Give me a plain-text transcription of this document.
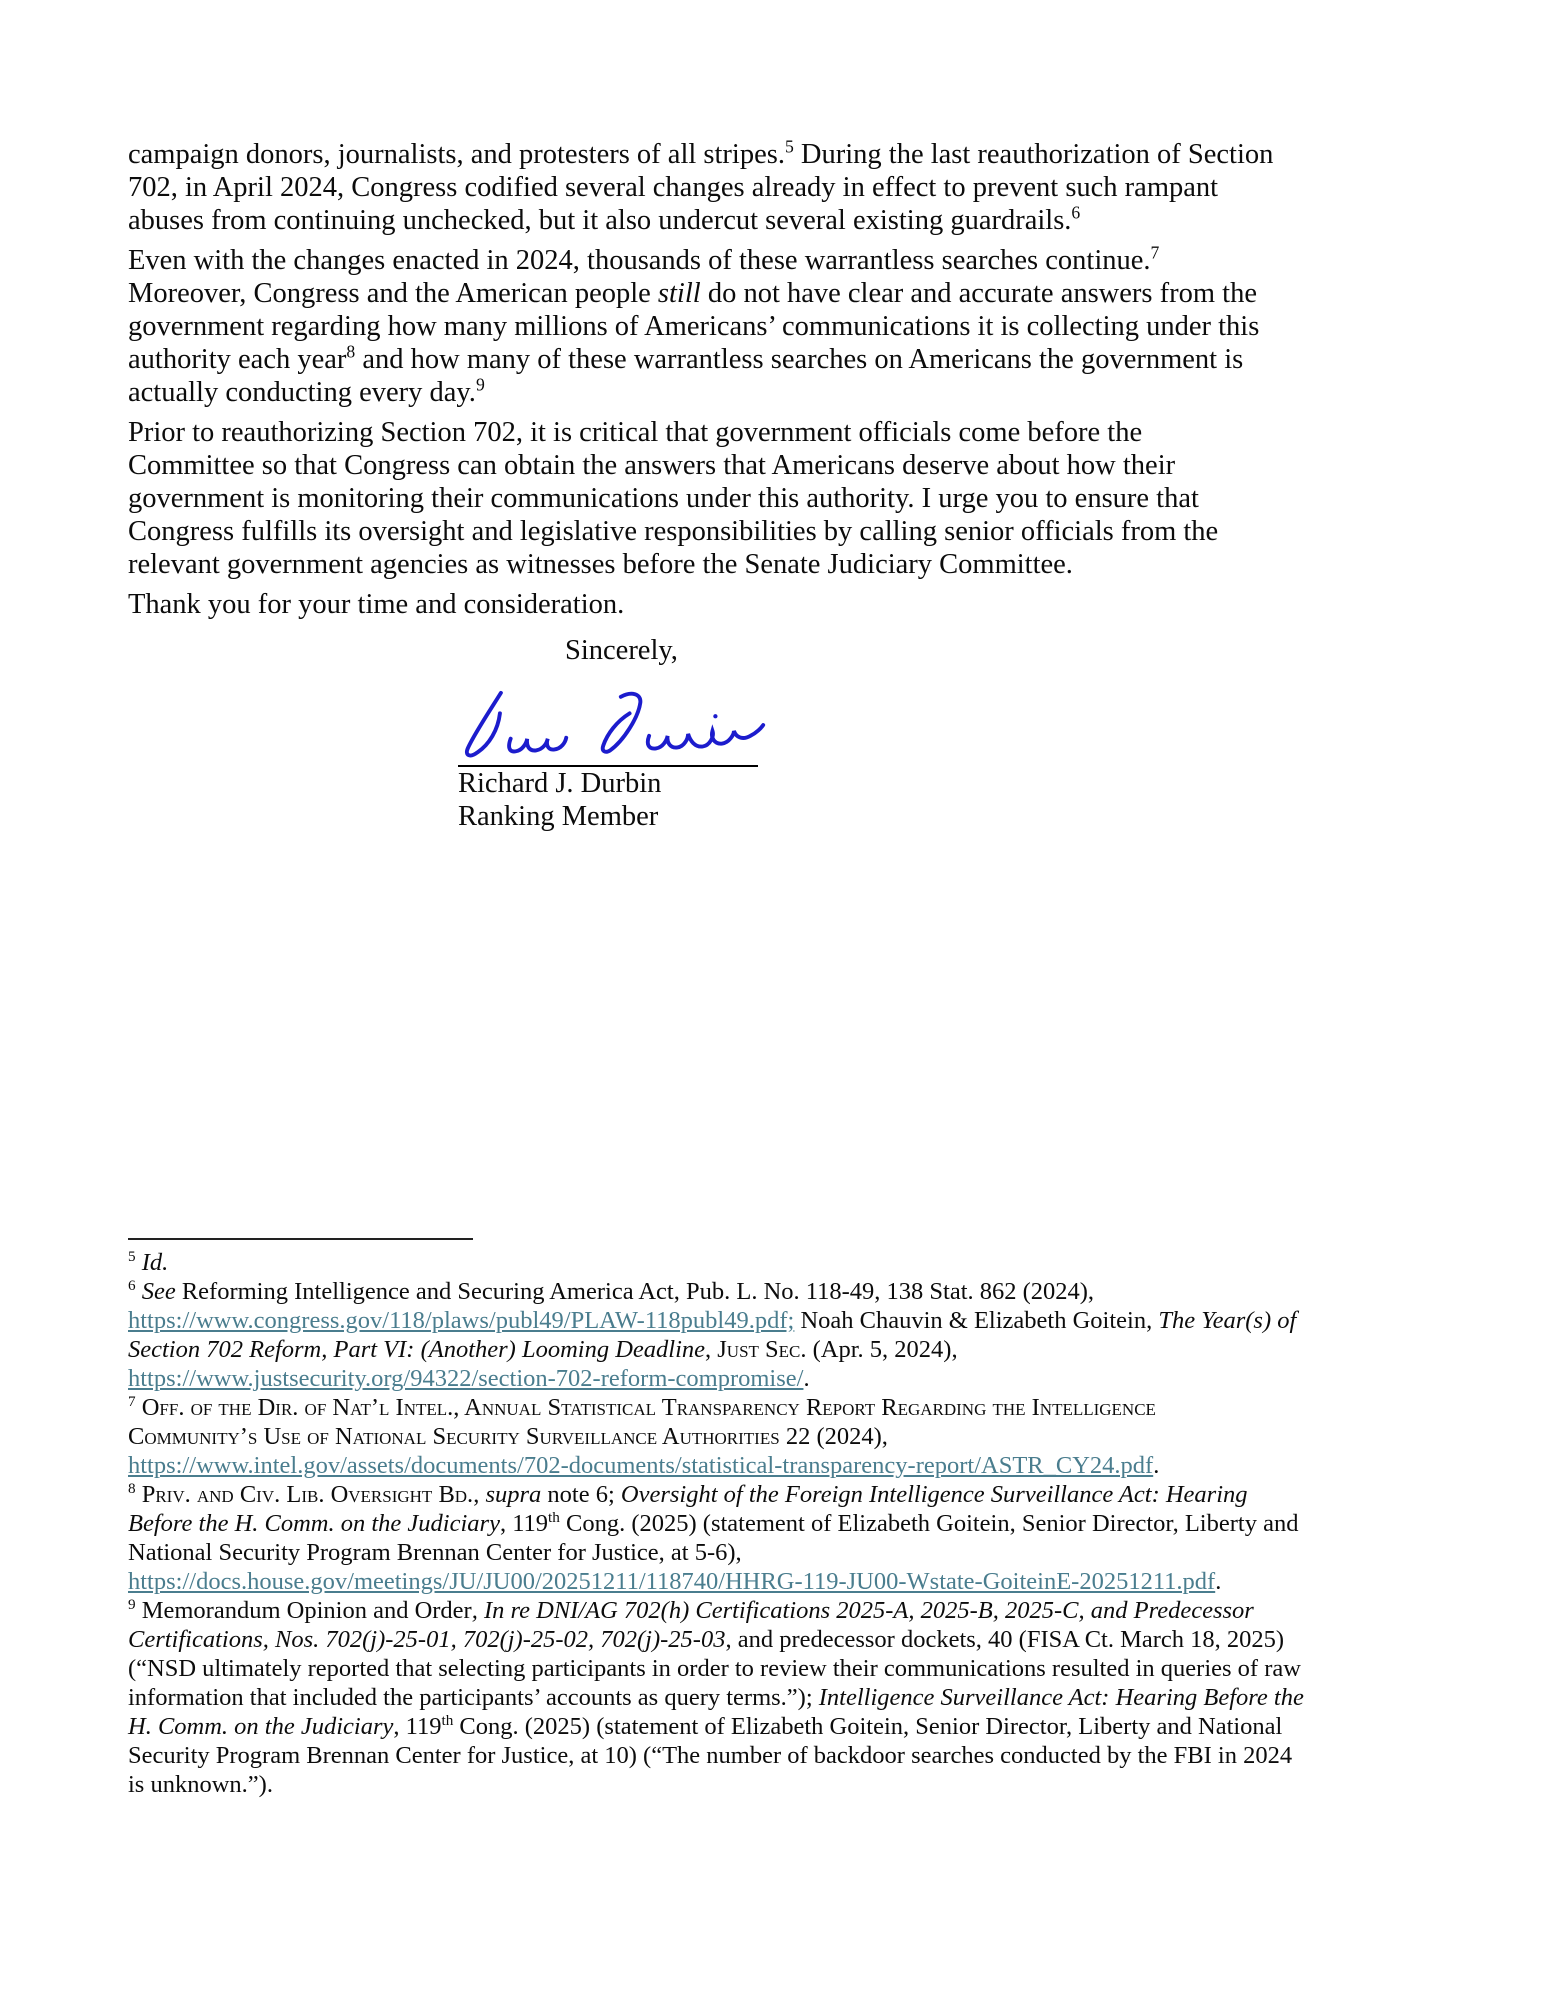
campaign donors, journalists, and protesters of all stripes.$^5$ During the last reauthorization of Section
702, in April 2024, Congress codified several changes already in effect to prevent such rampant
abuses from continuing unchecked, but it also undercut several existing guardrails.$^6$
Even with the changes enacted in 2024, thousands of these warrantless searches continue.$^7$
Moreover, Congress and the American people still do not have clear and accurate answers from the
government regarding how many millions of Americans’ communications it is collecting under this
authority each year$^8$ and how many of these warrantless searches on Americans the government is
actually conducting every day.$^9$
Prior to reauthorizing Section 702, it is critical that government officials come before the
Committee so that Congress can obtain the answers that Americans deserve about how their
government is monitoring their communications under this authority. I urge you to ensure that
Congress fulfills its oversight and legislative responsibilities by calling senior officials from the
relevant government agencies as witnesses before the Senate Judiciary Committee.
Thank you for your time and consideration.
Sincerely,
Richard J. Durbin
Ranking Member
$^5$ Id.
$^6$ See Reforming Intelligence and Securing America Act, Pub. L. No. 118-49, 138 Stat. 862 (2024),
https://www.congress.gov/118/plaws/publ49/PLAW-118publ49.pdf; Noah Chauvin & Elizabeth Goitein, The Year(s) of
Section 702 Reform, Part VI: (Another) Looming Deadline, Just Sec. (Apr. 5, 2024),
https://www.justsecurity.org/94322/section-702-reform-compromise/.
$^7$ Off. of the Dir. of Nat’l Intel., Annual Statistical Transparency Report Regarding the Intelligence
Community’s Use of National Security Surveillance Authorities 22 (2024),
https://www.intel.gov/assets/documents/702-documents/statistical-transparency-report/ASTR_CY24.pdf.
$^8$ Priv. and Civ. Lib. Oversight Bd., supra note 6; Oversight of the Foreign Intelligence Surveillance Act: Hearing
Before the H. Comm. on the Judiciary, 119th Cong. (2025) (statement of Elizabeth Goitein, Senior Director, Liberty and
National Security Program Brennan Center for Justice, at 5-6),
https://docs.house.gov/meetings/JU/JU00/20251211/118740/HHRG-119-JU00-Wstate-GoiteinE-20251211.pdf.
$^9$ Memorandum Opinion and Order, In re DNI/AG 702(h) Certifications 2025-A, 2025-B, 2025-C, and Predecessor
Certifications, Nos. 702(j)-25-01, 702(j)-25-02, 702(j)-25-03, and predecessor dockets, 40 (FISA Ct. March 18, 2025)
(“NSD ultimately reported that selecting participants in order to review their communications resulted in queries of raw
information that included the participants’ accounts as query terms.”); Intelligence Surveillance Act: Hearing Before the
H. Comm. on the Judiciary, 119th Cong. (2025) (statement of Elizabeth Goitein, Senior Director, Liberty and National
Security Program Brennan Center for Justice, at 10) (“The number of backdoor searches conducted by the FBI in 2024
is unknown.”).
